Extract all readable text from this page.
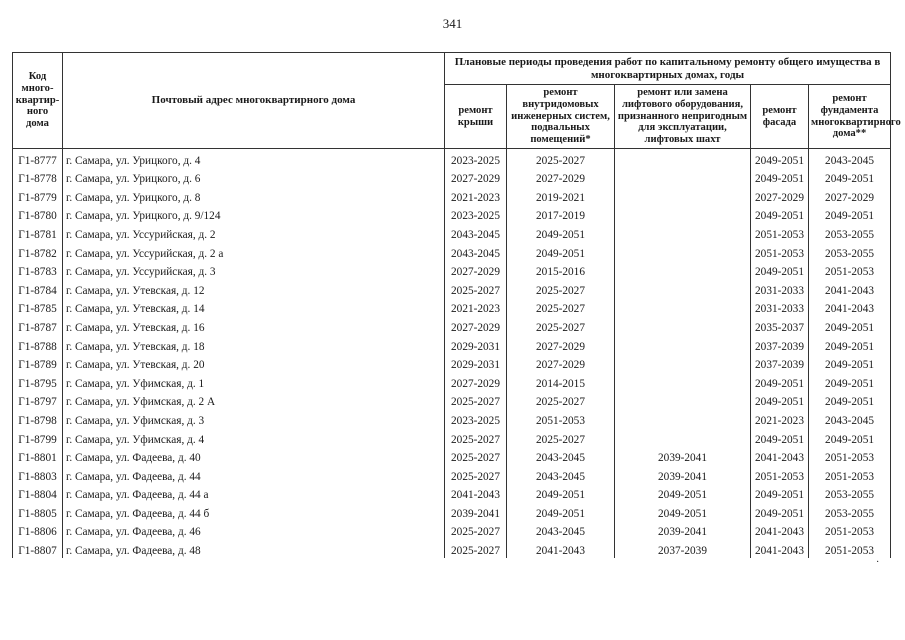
341
Код много-квартир-ного дома	Почтовый адрес многоквартирного дома	Плановые периоды проведения работ по капитальному ремонту общего имущества в многоквартирных домах, годы				
		ремонт крыши	ремонт внутридомовых инженерных систем, подвальных помещений*	ремонт или замена лифтового оборудования, признанного непригодным для эксплуатации, лифтовых шахт	ремонт фасада	ремонт фундамента многоквартирного дома**
Г1-8777	г. Самара, ул. Урицкого, д. 4	2023-2025	2025-2027		2049-2051	2043-2045
Г1-8778	г. Самара, ул. Урицкого, д. 6	2027-2029	2027-2029		2049-2051	2049-2051
Г1-8779	г. Самара, ул. Урицкого, д. 8	2021-2023	2019-2021		2027-2029	2027-2029
Г1-8780	г. Самара, ул. Урицкого, д. 9/124	2023-2025	2017-2019		2049-2051	2049-2051
Г1-8781	г. Самара, ул. Уссурийская, д. 2	2043-2045	2049-2051		2051-2053	2053-2055
Г1-8782	г. Самара, ул. Уссурийская, д. 2 а	2043-2045	2049-2051		2051-2053	2053-2055
Г1-8783	г. Самара, ул. Уссурийская, д. 3	2027-2029	2015-2016		2049-2051	2051-2053
Г1-8784	г. Самара, ул. Утевская, д. 12	2025-2027	2025-2027		2031-2033	2041-2043
Г1-8785	г. Самара, ул. Утевская, д. 14	2021-2023	2025-2027		2031-2033	2041-2043
Г1-8787	г. Самара, ул. Утевская, д. 16	2027-2029	2025-2027		2035-2037	2049-2051
Г1-8788	г. Самара, ул. Утевская, д. 18	2029-2031	2027-2029		2037-2039	2049-2051
Г1-8789	г. Самара, ул. Утевская, д. 20	2029-2031	2027-2029		2037-2039	2049-2051
Г1-8795	г. Самара, ул. Уфимская, д. 1	2027-2029	2014-2015		2049-2051	2049-2051
Г1-8797	г. Самара, ул. Уфимская, д. 2 А	2025-2027	2025-2027		2049-2051	2049-2051
Г1-8798	г. Самара, ул. Уфимская, д. 3	2023-2025	2051-2053		2021-2023	2043-2045
Г1-8799	г. Самара, ул. Уфимская, д. 4	2025-2027	2025-2027		2049-2051	2049-2051
Г1-8801	г. Самара, ул. Фадеева, д. 40	2025-2027	2043-2045	2039-2041	2041-2043	2051-2053
Г1-8803	г. Самара, ул. Фадеева, д. 44	2025-2027	2043-2045	2039-2041	2051-2053	2051-2053
Г1-8804	г. Самара, ул. Фадеева, д. 44 а	2041-2043	2049-2051	2049-2051	2049-2051	2053-2055
Г1-8805	г. Самара, ул. Фадеева, д. 44 б	2039-2041	2049-2051	2049-2051	2049-2051	2053-2055
Г1-8806	г. Самара, ул. Фадеева, д. 46	2025-2027	2043-2045	2039-2041	2041-2043	2051-2053
Г1-8807	г. Самара, ул. Фадеева, д. 48	2025-2027	2041-2043	2037-2039	2041-2043	2051-2053
·
